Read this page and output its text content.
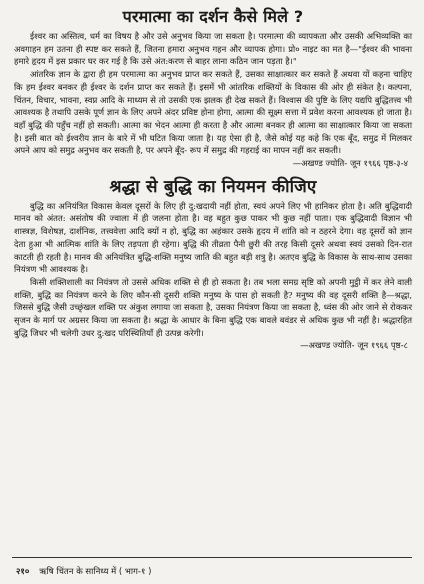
परमात्मा का दर्शन कैसे मिले ?

ईश्वर का अस्तित्व, धर्म का विषय है और उसे अनुभव किया जा सकता है। परमात्मा की व्यापकता और उसकी अभिव्यक्ति का अवगाहन हम उतना ही स्पष्ट कर सकते हैं, जितना हमारा अनुभव गहन और व्यापक होगा। प्रो० नाइट का मत है—"ईश्वर की भावना हमारे हृदय में इस प्रकार घर कर गई है कि उसे अंत:करण से बाहर लाना कठिन जान पड़ता है।"

आंतरिक ज्ञान के द्वारा ही हम परमात्मा का अनुभव प्राप्त कर सकते हैं, उसका साक्षात्कार कर सकते हैं अथवा यों कहना चाहिए कि हम ईश्वर बनकर ही ईश्वर के दर्शन प्राप्त कर सकते हैं। इसमें भी आंतरिक शक्तियों के विकास की ओर ही संकेत है। कल्पना, चिंतन, विचार, भावना, स्वप्न आदि के माध्यम से तो उसकी एक झलक ही देख सकते हैं। विश्वास की पुष्टि के लिए यद्यपि बुद्धितत्त्व भी आवश्यक है तथापि उसके पूर्ण ज्ञान के लिए अपने अंदर प्रविष्ट होना होगा, आत्मा की सूक्ष्म सत्ता में प्रवेश करना आवश्यक हो जाता है। वहाँ बुद्धि की पहुँच नहीं हो सकती। आत्मा का भेदन आत्मा ही करता है और आत्मा बनकर ही आत्मा का साक्षात्कार किया जा सकता है। इसी बात को ईश्वरीय ज्ञान के बारे में भी घटित किया जाता है। यह ऐसा ही है, जैसे कोई यह कहे कि एक बूँद, समुद्र में मिलकर अपने आप को समुद्र अनुभव कर सकती है, पर अपने बूँद- रूप में समुद्र की गहराई का मापन नहीं कर सकती।

—अखण्ड ज्योति- जून १९६६ पृष्ठ-३-४
श्रद्धा से बुद्धि का नियमन कीजिए

बुद्धि का अनियंत्रित विकास केवल दूसरों के लिए ही दु:खदायी नहीं होता, स्वयं अपने लिए भी हानिकर होता है। अति बुद्धिवादी मानव को अंतत: असंतोष की ज्वाला में ही जलना होता है। वह बहुत कुछ पाकर भी कुछ नहीं पाता। एक बुद्धिवादी विज्ञान भी शास्त्रज्ञ, विशेषज्ञ, दार्शनिक, तत्त्ववेत्ता आदि क्यों न हो, बुद्धि का अहंकार उसके हृदय में शांति को न ठहरने देगा। वह दूसरों को ज्ञान देता हुआ भी आत्मिक शांति के लिए तड़पता ही रहेगा। बुद्धि की तीव्रता पैनी छुरी की तरह किसी दूसरे अथवा स्वयं उसको दिन-रात काटती ही रहती है। मानव की अनियंत्रित बुद्धि-शक्ति मनुष्य जाति की बहुत बड़ी शत्रु है। अतएव बुद्धि के विकास के साथ-साथ उसका नियंत्रण भी आवश्यक है।

किसी शक्तिशाली का नियंत्रण तो उससे अधिक शक्ति से ही हो सकता है। तब भला समग्र सृष्टि को अपनी मुट्ठी में कर लेने वाली शक्ति, बुद्धि का नियंत्रण करने के लिए कौन-सी दूसरी शक्ति मनुष्य के पास हो सकती है? मनुष्य की वह दूसरी शक्ति है—श्रद्धा, जिससे बुद्धि जैसी उच्छृंखल शक्ति पर अंकुश लगाया जा सकता है, उसका नियंत्रण किया जा सकता है, ध्वंस की ओर जाने से रोककर सृजन के मार्ग पर अग्रसर किया जा सकता है। श्रद्धा के आधार के बिना बुद्धि एक बावले बवंडर से अधिक कुछ भी नहीं है। श्रद्धारहित बुद्धि जिधर भी चलेगी उधर दु:खद परिस्थितियाँ ही उत्पन्न करेगी।

—अखण्ड ज्योति- जून १९६६ पृष्ठ-८
२१० ऋषि चिंतन के सानिध्य में ( भाग-१ )
